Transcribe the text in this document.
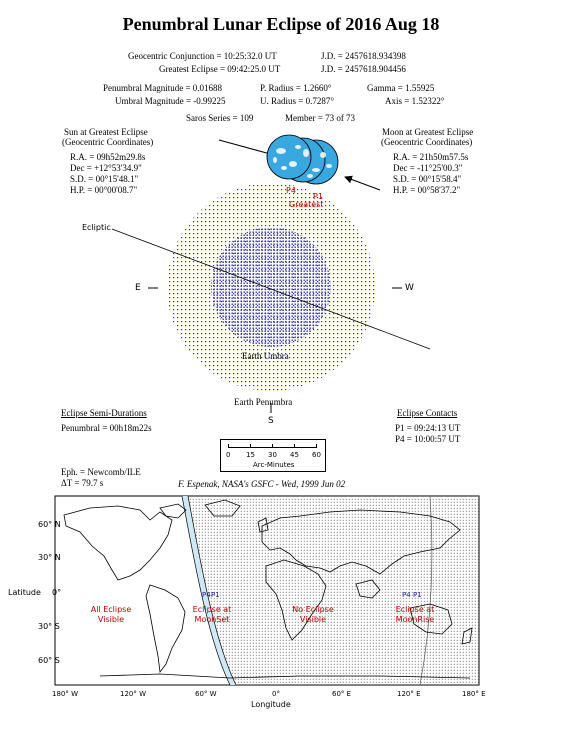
Penumbral Lunar Eclipse of 2016 Aug 18
Geocentric Conjunction = 10:25:32.0 UT	J.D. = 2457618.934398
Greatest Eclipse = 09:42:25.0 UT	J.D. = 2457618.904456
Penumbral Magnitude = 0.01688	P. Radius = 1.2660°	Gamma = 1.55925
Umbral Magnitude = -0.99225	U. Radius = 0.7287°	Axis = 1.52322°
Saros Series = 109	Member = 73 of 73
Sun at Greatest Eclipse
(Geocentric Coordinates)
R.A. = 09h52m29.8s
Dec = +12°53'34.9"
S.D. = 00°15'48.1"
H.P. = 00°00'08.7"
Moon at Greatest Eclipse
(Geocentric Coordinates)
R.A. = 21h50m57.5s
Dec = -11°25'00.3"
S.D. = 00°15'58.4"
H.P. = 00°58'37.2"
P4
P1
Greatest
Ecliptic
E	W
Earth Umbra
Earth Penumbra
S
Eclipse Semi-Durations
Penumbral = 00h18m22s
Eclipse Contacts
P1 = 09:24:13 UT
P4 = 10:00:57 UT
0 15 30 45 60
Arc-Minutes
Eph. = Newcomb/ILE
ΔT = 79.7 s	F. Espenak, NASA's GSFC - Wed, 1999 Jun 02
60° N
30° N
0°
30° S
60° S
Latitude
180° W	120° W	60° W	0°	60° E	120° E	180° E
Longitude
All Eclipse
Visible
Eclipse at
MoonSet
No Eclipse
Visible
Eclipse at
MoonRise
P4 P1	P4 P1
